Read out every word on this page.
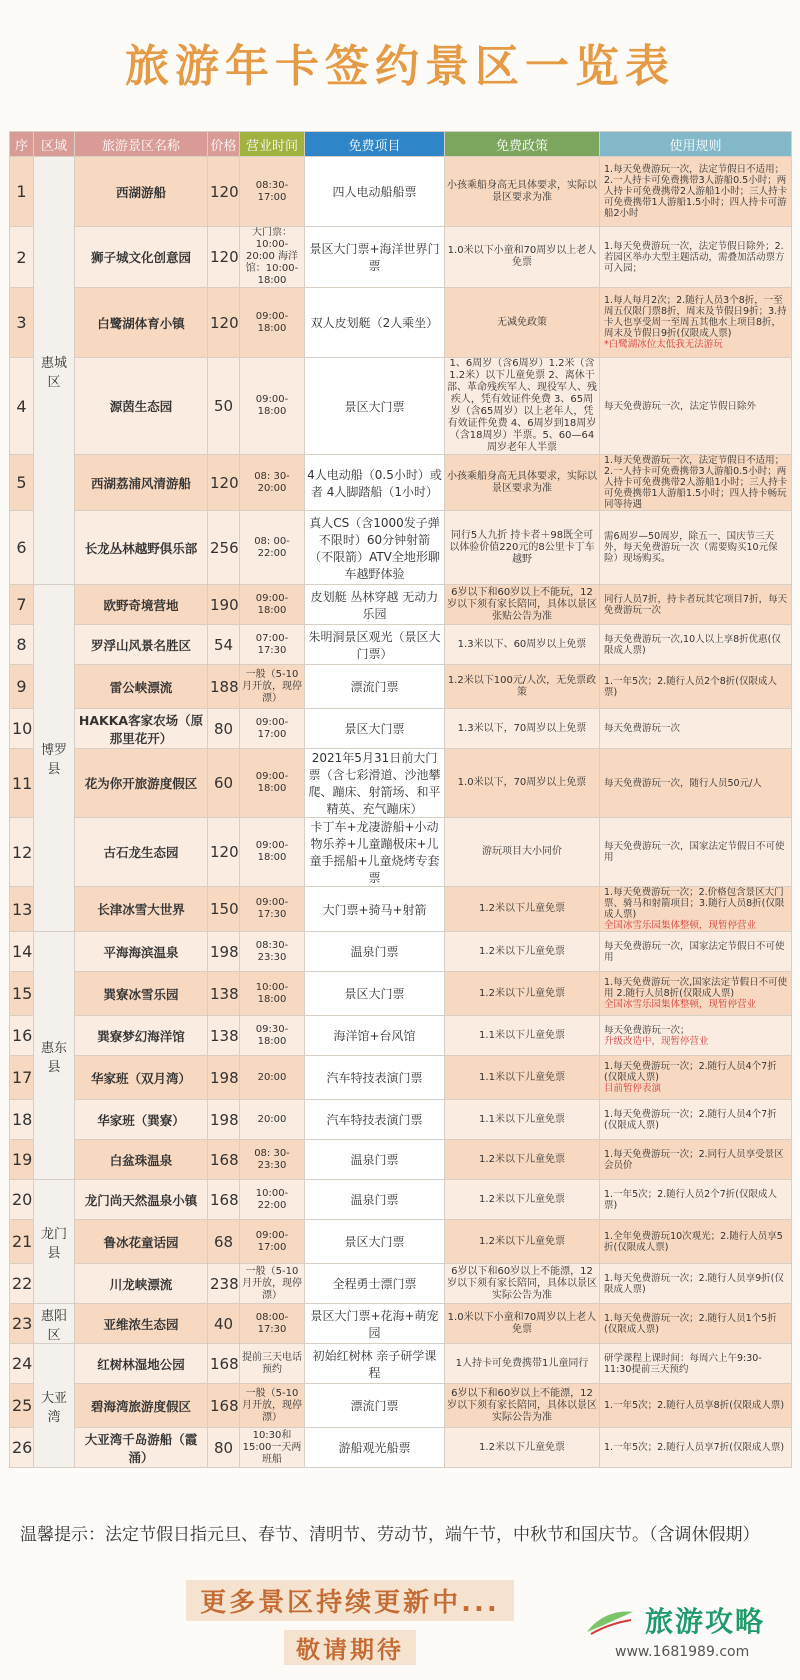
旅游年卡签约景区一览表
序	区域	旅游景区名称	价格	营业时间	免费项目	免费政策	使用规则
1	惠城区	西湖游船	120	08:30-17:00	四人电动船船票	小孩乘船身高无具体要求，实际以景区要求为准	1.每天免费游玩一次，法定节假日不适用；2.一人持卡可免费携带3人游船0.5小时；两人持卡可免费携带2人游船1小时；三人持卡可免费携带1人游船1.5小时；四人持卡可游船2小时
2		狮子城文化创意园	120	大门票：10:00-20:00 海洋馆：10:00-18:00	景区大门票+海洋世界门票	1.0米以下小童和70周岁以上老人免票	1.每天免费游玩一次，法定节假日除外；2.若园区举办大型主题活动，需叠加活动票方可入园；
3		白鹭湖体育小镇	120	09:00-18:00	双人皮划艇（2人乘坐）	无减免政策	1.每人每月2次；2.随行人员3个8折，一至周五仅限门票8折，周末及节假日9折；3.持卡人也享受周一至周五其他水上项目8折，周末及节假日9折(仅限成人票)
*白鹭湖冰位太低我无法游玩

4		源茵生态园	50	09:00-18:00	景区大门票	1、6周岁（含6周岁）1.2米（含1.2米）以下儿童免票 2、离休干部、革命残疾军人、现役军人、残疾人，凭有效证件免费 3、65周岁（含65周岁）以上老年人，凭有效证件免费 4、6周岁到18周岁（含18周岁）半票。5、60—64周岁老年人半票	每天免费游玩一次，法定节假日除外
5		西湖荔浦风清游船	120	08: 30-20:00	4人电动船（0.5小时）或者 4人脚踏船（1小时）	小孩乘船身高无具体要求，实际以景区要求为准	1.每天免费游玩一次，法定节假日不适用；2.一人持卡可免费携带3人游船0.5小时；两人持卡可免费携带2人游船1小时；三人持卡可免费携带1人游船1.5小时；四人持卡畅玩同等待遇
6		长龙丛林越野俱乐部	256	08: 00-22:00	真人CS（含1000发子弹不限时）60分钟射箭（不限箭）ATV全地形聊车越野体验	同行5人九折 持卡者＋98既全可以体验价值220元的8公里卡丁车越野	需6周岁—50周岁，除五一、国庆节三天外，每天免费游玩一次（需要购买10元保险）现场购买。
7	博罗县	欧野奇境营地	190	09:00-18:00	皮划艇 丛林穿越 无动力乐园	6岁以下和60岁以上不能玩，12岁以下须有家长陪同，具体以景区张贴公告为准	同行人员7折，持卡者玩其它项目7折，每天免费游玩一次
8		罗浮山风景名胜区	54	07:00-17:30	朱明洞景区观光（景区大门票）	1.3米以下、60周岁以上免票	每天免费游玩一次,10人以上享8折优惠(仅限成人票)
9		雷公峡漂流	188	一般（5-10月开放，现停漂）	漂流门票	1.2米以下100元/人次，无免票政策	1.一年5次；2.随行人员2个8折(仅限成人票)
10		HAKKA客家农场（原那里花开）	80	09:00-17:00	景区大门票	1.3米以下，70周岁以上免票	每天免费游玩一次
11		花为你开旅游度假区	60	09:00-18:00	2021年5月31日前大门票（含七彩滑道、沙池攀爬、蹦床、射箭场、和平精英、充气蹦床）	1.0米以下，70周岁以上免票	每天免费游玩一次，随行人员50元/人
12		古石龙生态园	120	09:00-18:00	卡丁车+龙凄游船+小动物乐养+儿童蹦极床+儿童手摇船+儿童烧烤专套票	游玩项目大小同价	每天免费游玩一次，国家法定节假日不可使用
13		长津冰雪大世界	150	09:00-17:30	大门票+骑马+射箭	1.2米以下儿童免票	1.每天免费游玩一次；2.价格包含景区大门票、骑马和射箭项目；3.随行人员8折(仅限成人票)
全国冰雪乐园集体整顿，现暂停营业

14	惠东县	平海海滨温泉	198	08:30-23:30	温泉门票	1.2米以下儿童免票	每天免费游玩一次，国家法定节假日不可使用
15		巽寮冰雪乐园	138	10:00-18:00	景区大门票	1.2米以下儿童免票	1.每天免费游玩一次,国家法定节假日不可使用 2.随行人员8折(仅限成人票)
全国冰雪乐园集体整顿，现暂停营业

16		巽寮梦幻海洋馆	138	09:30-18:00	海洋馆+台风馆	1.1米以下儿童免票	每天免费游玩一次；
升级改造中，现暂停营业

17		华家班（双月湾）	198	20:00	汽车特技表演门票	1.1米以下儿童免票	1.每天免费游玩一次；2.随行人员4个7折(仅限成人票)
目前暂停表演

18		华家班（巽寮）	198	20:00	汽车特技表演门票	1.1米以下儿童免票	1.每天免费游玩一次；2.随行人员4个7折(仅限成人票)
19		白盆珠温泉	168	08: 30-23:30	温泉门票	1.2米以下儿童免票	1.每天免费游玩一次；2.同行人员享受景区会员价
20	龙门县	龙门尚天然温泉小镇	168	10:00-22:00	温泉门票	1.2米以下儿童免票	1.一年5次；2.随行人员2个7折(仅限成人票)
21		鲁冰花童话园	68	09:00-17:00	景区大门票	1.2米以下儿童免票	1.全年免费游玩10次观光；2.随行人员享5折(仅限成人票)
22		川龙峡漂流	238	一般（5-10月开放，现停漂）	全程勇士漂门票	6岁以下和60岁以上不能漂，12岁以下须有家长陪同，具体以景区实际公告为准	1.每天免费游玩一次；2.随行人员享9折(仅限成人票)
23	惠阳区	亚维浓生态园	40	08:00-17:30	景区大门票+花海+萌宠园	1.0米以下小童和70周岁以上老人免票	1.每天免费游玩一次；2.随行人员1个5折(仅限成人票)
24	大亚湾	红树林湿地公园	168	提前三天电话预约	初始红树林 亲子研学课程	1人持卡可免费携带1儿童同行	研学课程上课时间：每周六上午9:30-11:30提前三天预约
25		碧海湾旅游度假区	168	一般（5-10月开放，现停漂）	漂流门票	6岁以下和60岁以上不能漂，12岁以下须有家长陪同，具体以景区实际公告为准	1.一年5次；2.随行人员享8折(仅限成人票)
26		大亚湾千岛游船（霞涌）	80	10:30和15:00一天两班船	游船观光船票	1.2米以下儿童免票	1.一年5次；2.随行人员享7折(仅限成人票)
温馨提示：法定节假日指元旦、春节、清明节、劳动节，端午节，中秋节和国庆节。（含调休假期）
更多景区持续更新中...
敬请期待
旅游攻略
www.1681989.com
